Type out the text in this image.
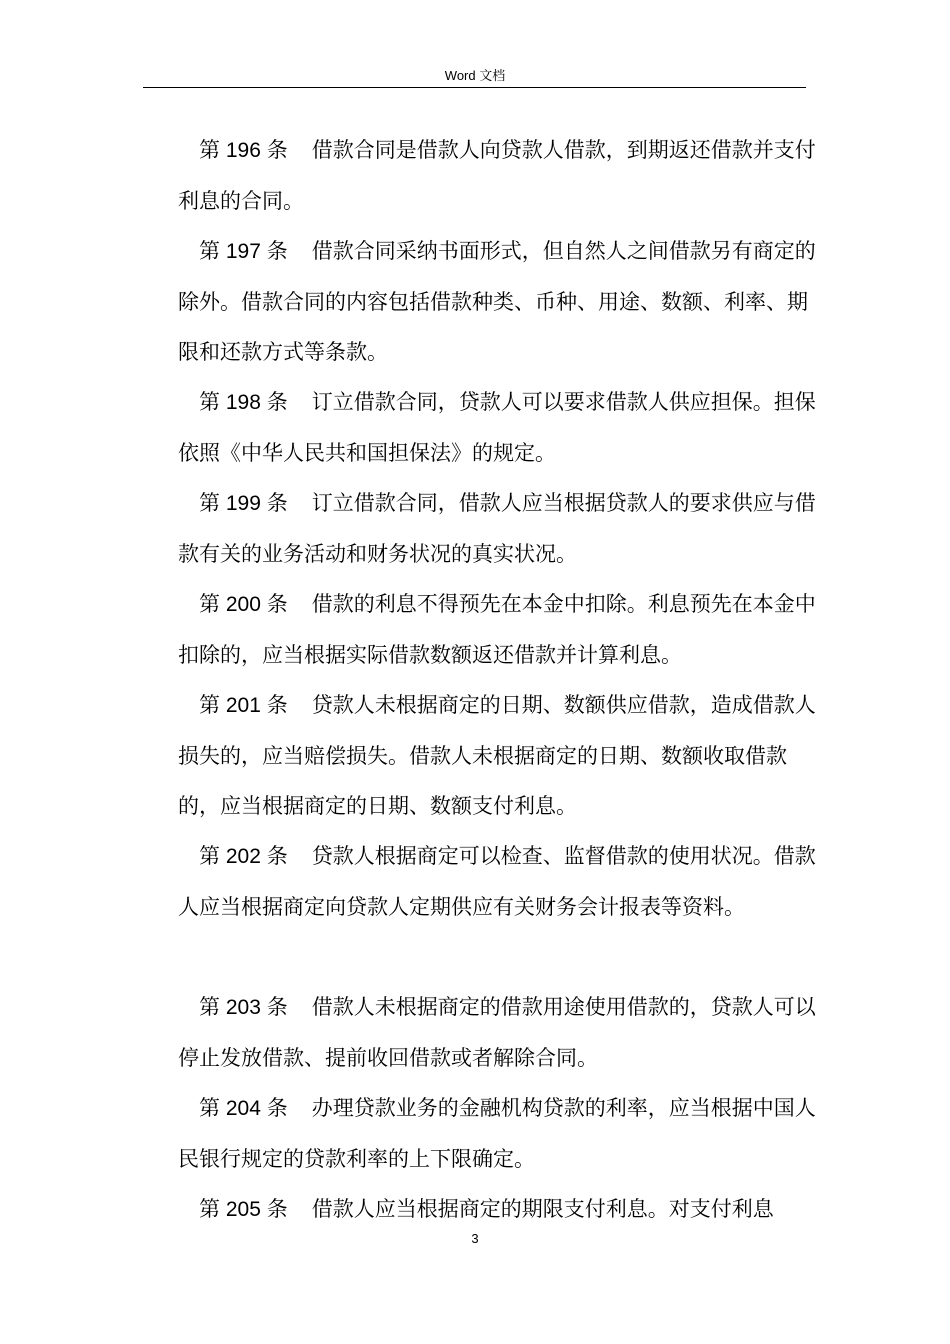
Word 文档

第 196 条 借款合同是借款人向贷款人借款，到期返还借款并支付利息的合同。

第 197 条 借款合同采纳书面形式，但自然人之间借款另有商定的除外。借款合同的内容包括借款种类、币种、用途、数额、利率、期限和还款方式等条款。

第 198 条 订立借款合同，贷款人可以要求借款人供应担保。担保依照《中华人民共和国担保法》的规定。

第 199 条 订立借款合同，借款人应当根据贷款人的要求供应与借款有关的业务活动和财务状况的真实状况。

第 200 条 借款的利息不得预先在本金中扣除。利息预先在本金中扣除的，应当根据实际借款数额返还借款并计算利息。

第 201 条 贷款人未根据商定的日期、数额供应借款，造成借款人损失的，应当赔偿损失。借款人未根据商定的日期、数额收取借款的，应当根据商定的日期、数额支付利息。

第 202 条 贷款人根据商定可以检查、监督借款的使用状况。借款人应当根据商定向贷款人定期供应有关财务会计报表等资料。

第 203 条 借款人未根据商定的借款用途使用借款的，贷款人可以停止发放借款、提前收回借款或者解除合同。

第 204 条 办理贷款业务的金融机构贷款的利率，应当根据中国人民银行规定的贷款利率的上下限确定。

第 205 条 借款人应当根据商定的期限支付利息。对支付利息

3
